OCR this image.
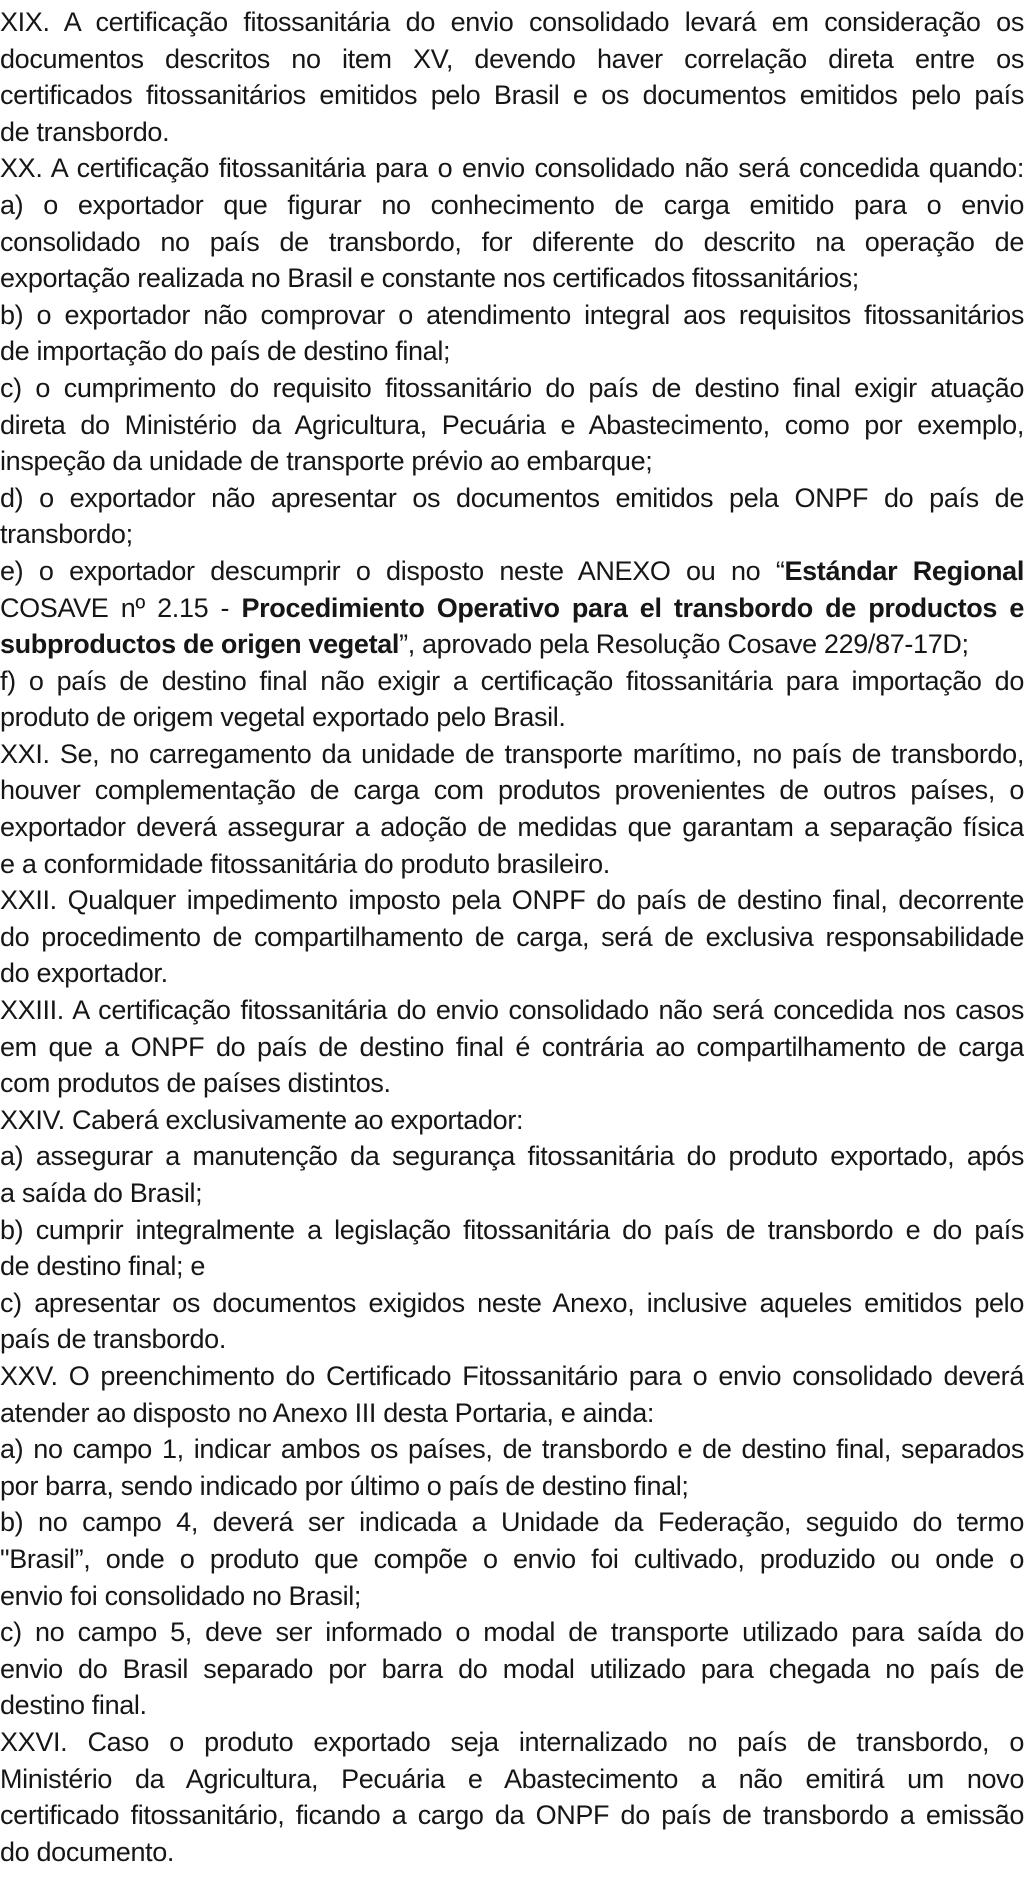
XIX. A certificação fitossanitária do envio consolidado levará em consideração os
documentos descritos no item XV, devendo haver correlação direta entre os
certificados fitossanitários emitidos pelo Brasil e os documentos emitidos pelo país
de transbordo.
XX. A certificação fitossanitária para o envio consolidado não será concedida quando:
a) o exportador que figurar no conhecimento de carga emitido para o envio
consolidado no país de transbordo, for diferente do descrito na operação de
exportação realizada no Brasil e constante nos certificados fitossanitários;
b) o exportador não comprovar o atendimento integral aos requisitos fitossanitários
de importação do país de destino final;
c) o cumprimento do requisito fitossanitário do país de destino final exigir atuação
direta do Ministério da Agricultura, Pecuária e Abastecimento, como por exemplo,
inspeção da unidade de transporte prévio ao embarque;
d) o exportador não apresentar os documentos emitidos pela ONPF do país de
transbordo;
e) o exportador descumprir o disposto neste ANEXO ou no “Estándar Regional
COSAVE nº 2.15 - Procedimiento Operativo para el transbordo de productos e
subproductos de origen vegetal”, aprovado pela Resolução Cosave 229/87-17D;
f) o país de destino final não exigir a certificação fitossanitária para importação do
produto de origem vegetal exportado pelo Brasil.
XXI. Se, no carregamento da unidade de transporte marítimo, no país de transbordo,
houver complementação de carga com produtos provenientes de outros países, o
exportador deverá assegurar a adoção de medidas que garantam a separação física
e a conformidade fitossanitária do produto brasileiro.
XXII. Qualquer impedimento imposto pela ONPF do país de destino final, decorrente
do procedimento de compartilhamento de carga, será de exclusiva responsabilidade
do exportador.
XXIII. A certificação fitossanitária do envio consolidado não será concedida nos casos
em que a ONPF do país de destino final é contrária ao compartilhamento de carga
com produtos de países distintos.
XXIV. Caberá exclusivamente ao exportador:
a) assegurar a manutenção da segurança fitossanitária do produto exportado, após
a saída do Brasil;
b) cumprir integralmente a legislação fitossanitária do país de transbordo e do país
de destino final; e
c) apresentar os documentos exigidos neste Anexo, inclusive aqueles emitidos pelo
país de transbordo.
XXV. O preenchimento do Certificado Fitossanitário para o envio consolidado deverá
atender ao disposto no Anexo III desta Portaria, e ainda:
a) no campo 1, indicar ambos os países, de transbordo e de destino final, separados
por barra, sendo indicado por último o país de destino final;
b) no campo 4, deverá ser indicada a Unidade da Federação, seguido do termo
"Brasil”, onde o produto que compõe o envio foi cultivado, produzido ou onde o
envio foi consolidado no Brasil;
c) no campo 5, deve ser informado o modal de transporte utilizado para saída do
envio do Brasil separado por barra do modal utilizado para chegada no país de
destino final.
XXVI. Caso o produto exportado seja internalizado no país de transbordo, o
Ministério da Agricultura, Pecuária e Abastecimento a não emitirá um novo
certificado fitossanitário, ficando a cargo da ONPF do país de transbordo a emissão
do documento.
